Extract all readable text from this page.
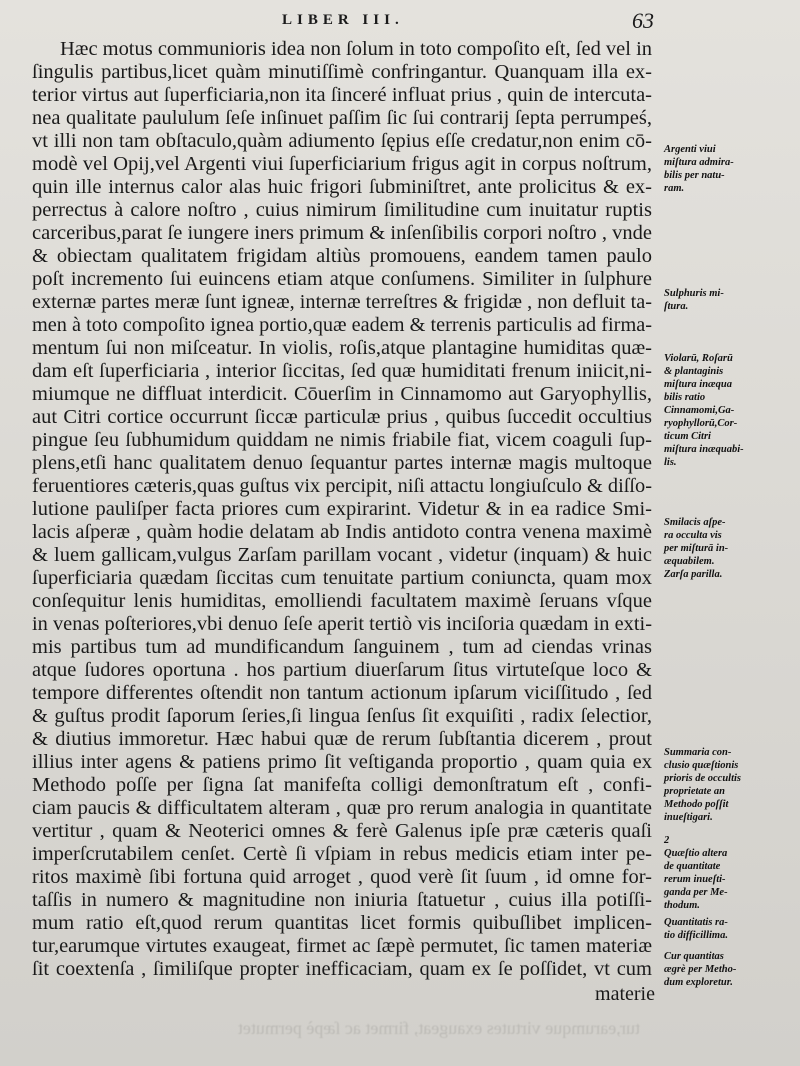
LIBER III.	63
Hæc motus communioris idea non ſolum in toto compoſito eſt, ſed vel in
ſingulis partibus,licet quàm minutiſſimè confringantur. Quanquam illa ex-
terior virtus aut ſuperficiaria,non ita ſinceré influat prius , quin de intercuta-
nea qualitate paululum ſeſe inſinuet paſſim ſic ſui contrarij ſepta perrumpeś,
vt illi non tam obſtaculo,quàm adiumento ſępius eſſe credatur,non enim cō-
modè vel Opij,vel Argenti viui ſuperficiarium frigus agit in corpus noſtrum,
quin ille internus calor alas huic frigori ſubminiſtret, ante prolicitus & ex-
perrectus à calore noſtro , cuius nimirum ſimilitudine cum inuitatur ruptis
carceribus,parat ſe iungere iners primum & inſenſibilis corpori noſtro , vnde
& obiectam qualitatem frigidam altiùs promouens, eandem tamen paulo
poſt incremento ſui euincens etiam atque conſumens. Similiter in ſulphure
externæ partes meræ ſunt igneæ, internæ terreſtres & frigidæ , non defluit ta-
men à toto compoſito ignea portio,quæ eadem & terrenis particulis ad firma-
mentum ſui non miſceatur. In violis, roſis,atque plantagine humiditas quæ-
dam eſt ſuperficiaria , interior ſiccitas, ſed quæ humiditati frenum iniicit,ni-
miumque ne diffluat interdicit. Cōuerſim in Cinnamomo aut Garyophyllis,
aut Citri cortice occurrunt ſiccæ particulæ prius , quibus ſuccedit occultius
pingue ſeu ſubhumidum quiddam ne nimis friabile fiat, vicem coaguli ſup-
plens,etſi hanc qualitatem denuo ſequantur partes internæ magis multoque
feruentiores cæteris,quas guſtus vix percipit, niſi attactu longiuſculo & diſſo-
lutione pauliſper facta priores cum expirarint. Videtur & in ea radice Smi-
lacis aſperæ , quàm hodie delatam ab Indis antidoto contra venena maximè
& luem gallicam,vulgus Zarſam parillam vocant , videtur (inquam) & huic
ſuperficiaria quædam ſiccitas cum tenuitate partium coniuncta, quam mox
conſequitur lenis humiditas, emolliendi facultatem maximè ſeruans vſque
in venas poſteriores,vbi denuo ſeſe aperit tertiò vis inciſoria quædam in exti-
mis partibus tum ad mundificandum ſanguinem , tum ad ciendas vrinas
atque ſudores oportuna . hos partium diuerſarum ſitus virtuteſque loco &
tempore differentes oſtendit non tantum actionum ipſarum viciſſitudo , ſed
& guſtus prodit ſaporum ſeries,ſi lingua ſenſus ſit exquiſiti , radix ſelectior,
& diutius immoretur. Hæc habui quæ de rerum ſubſtantia dicerem , prout
illius inter agens & patiens primo ſit veſtiganda proportio , quam quia ex
Methodo poſſe per ſigna ſat manifeſta colligi demonſtratum eſt , confi-
ciam paucis & difficultatem alteram , quæ pro rerum analogia in quantitate
vertitur , quam & Neoterici omnes & ferè Galenus ipſe præ cæteris quaſi
imperſcrutabilem cenſet. Certè ſi vſpiam in rebus medicis etiam inter pe-
ritos maximè ſibi fortuna quid arroget , quod verè ſit ſuum , id omne for-
taſſis in numero & magnitudine non iniuria ſtatuetur , cuius illa potiſſi-
mum ratio eſt,quod rerum quantitas licet formis quibuſlibet implicen-
tur,earumque virtutes exaugeat, firmet ac ſæpè permutet, ſic tamen materiæ
ſit coextenſa , ſimiliſque propter inefficaciam, quam ex ſe poſſidet, vt cum
materie
Argenti viui
miſtura admira-
bilis per natu-
ram.
Sulphuris mi-
ſtura.
Violarū, Roſarū
& plantaginis
miſtura inæqua
bilis ratio
Cinnamomi,Ga-
ryophyllorū,Cor-
ticum Citri
miſtura inæquabi-
lis.
Smilacis aſpe-
ra occulta vis
per miſturā in-
æquabilem.
Zarſa parilla.
Summaria con-
clusio quæſtionis
prioris de occultis
proprietate an
Methodo poſſit
inueſtigari.
2
Quæſtio altera
de quantitate
rerum inueſti-
ganda per Me-
thodum.
Quantitatis ra-
tio difficillima.
Cur quantitas
ægrè per Metho-
dum exploretur.
tur,earumque virtutes exaugeat, firmet ac ſæpè permutet
